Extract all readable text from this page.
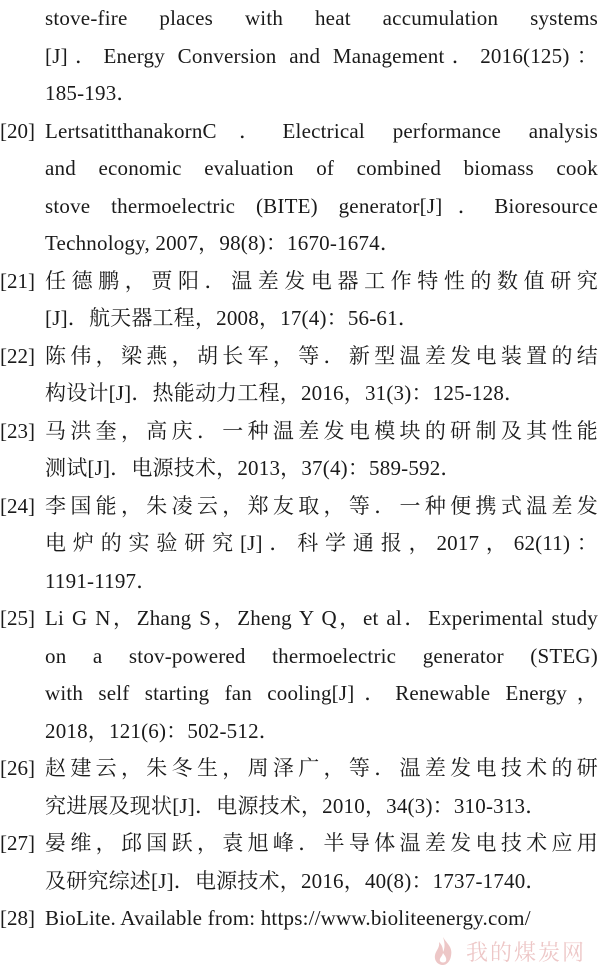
stove-fire places with heat accumulation systems
[J]．Energy Conversion and Management．2016(125)：
185-193．
[20] LertsatitthanakornC．Electrical performance analysis
and economic evaluation of combined biomass cook
stove thermoelectric (BITE) generator[J]．Bioresource
Technology, 2007，98(8)：1670-1674．
[21] 任德鹏，贾阳．温差发电器工作特性的数值研究
[J]．航天器工程，2008，17(4)：56-61．
[22] 陈伟，梁燕，胡长军，等．新型温差发电装置的结
构设计[J]．热能动力工程，2016，31(3)：125-128．
[23] 马洪奎，高庆．一种温差发电模块的研制及其性能
测试[J]．电源技术，2013，37(4)：589-592．
[24] 李国能，朱凌云，郑友取，等．一种便携式温差发
电炉的实验研究[J]．科学通报，2017，62(11)：
1191-1197．
[25] Li G N，Zhang S，Zheng Y Q，et al．Experimental study
on a stov-powered thermoelectric generator (STEG)
with self starting fan cooling[J]．Renewable Energy，
2018，121(6)：502-512．
[26] 赵建云，朱冬生，周泽广，等．温差发电技术的研
究进展及现状[J]．电源技术，2010，34(3)：310-313．
[27] 晏维，邱国跃，袁旭峰．半导体温差发电技术应用
及研究综述[J]．电源技术，2016，40(8)：1737-1740．
[28] BioLite. Available from: https://www.bioliteenergy.com/
我的煤炭网
